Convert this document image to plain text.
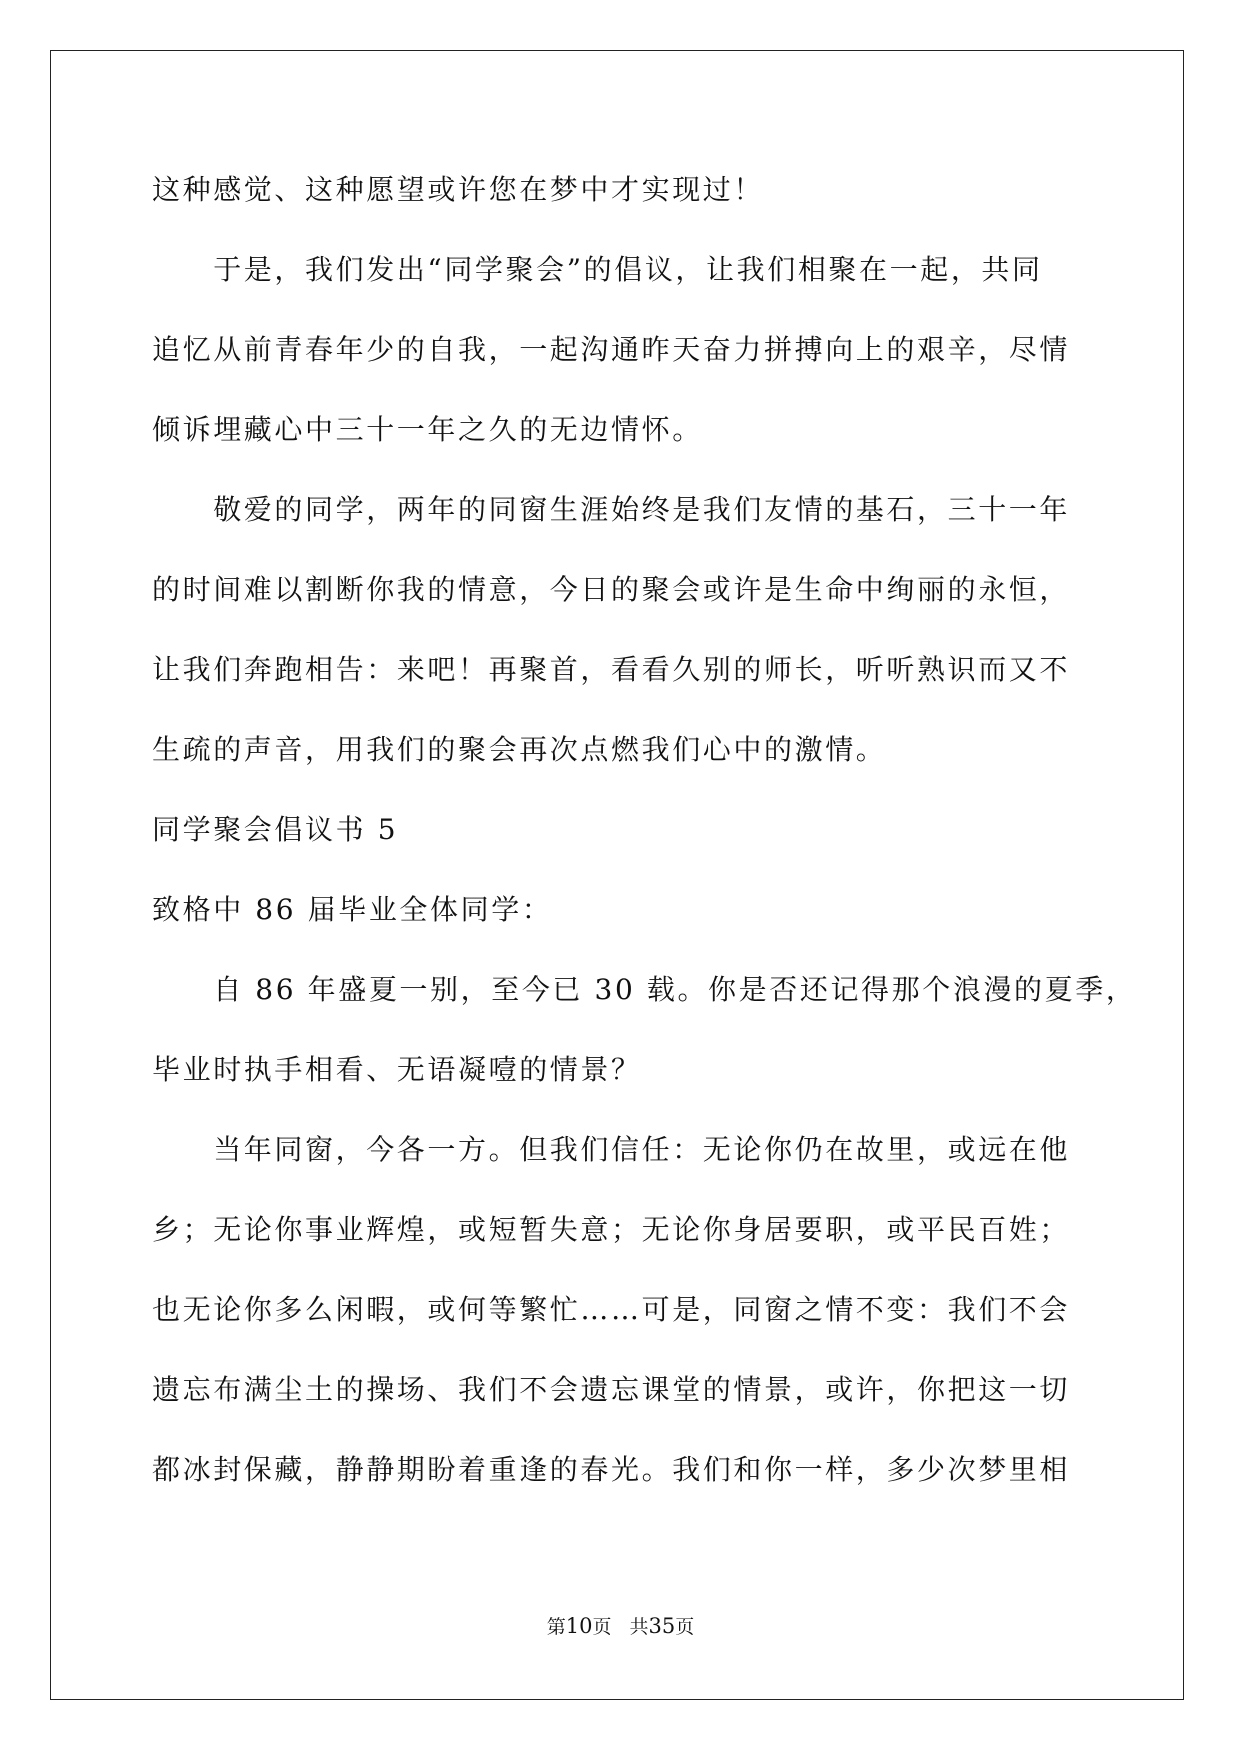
这种感觉、这种愿望或许您在梦中才实现过！
　　于是，我们发出“同学聚会”的倡议，让我们相聚在一起，共同
追忆从前青春年少的自我，一起沟通昨天奋力拼搏向上的艰辛，尽情
倾诉埋藏心中三十一年之久的无边情怀。
　　敬爱的同学，两年的同窗生涯始终是我们友情的基石，三十一年
的时间难以割断你我的情意，今日的聚会或许是生命中绚丽的永恒，
让我们奔跑相告：来吧！再聚首，看看久别的师长，听听熟识而又不
生疏的声音，用我们的聚会再次点燃我们心中的激情。
同学聚会倡议书 5
致格中 86 届毕业全体同学：
　　自 86 年盛夏一别，至今已 30 载。你是否还记得那个浪漫的夏季，
毕业时执手相看、无语凝噎的情景？
　　当年同窗，今各一方。但我们信任：无论你仍在故里，或远在他
乡；无论你事业辉煌，或短暂失意；无论你身居要职，或平民百姓；
也无论你多么闲暇，或何等繁忙……可是，同窗之情不变：我们不会
遗忘布满尘土的操场、我们不会遗忘课堂的情景，或许，你把这一切
都冰封保藏，静静期盼着重逢的春光。我们和你一样，多少次梦里相
第10页 共35页
